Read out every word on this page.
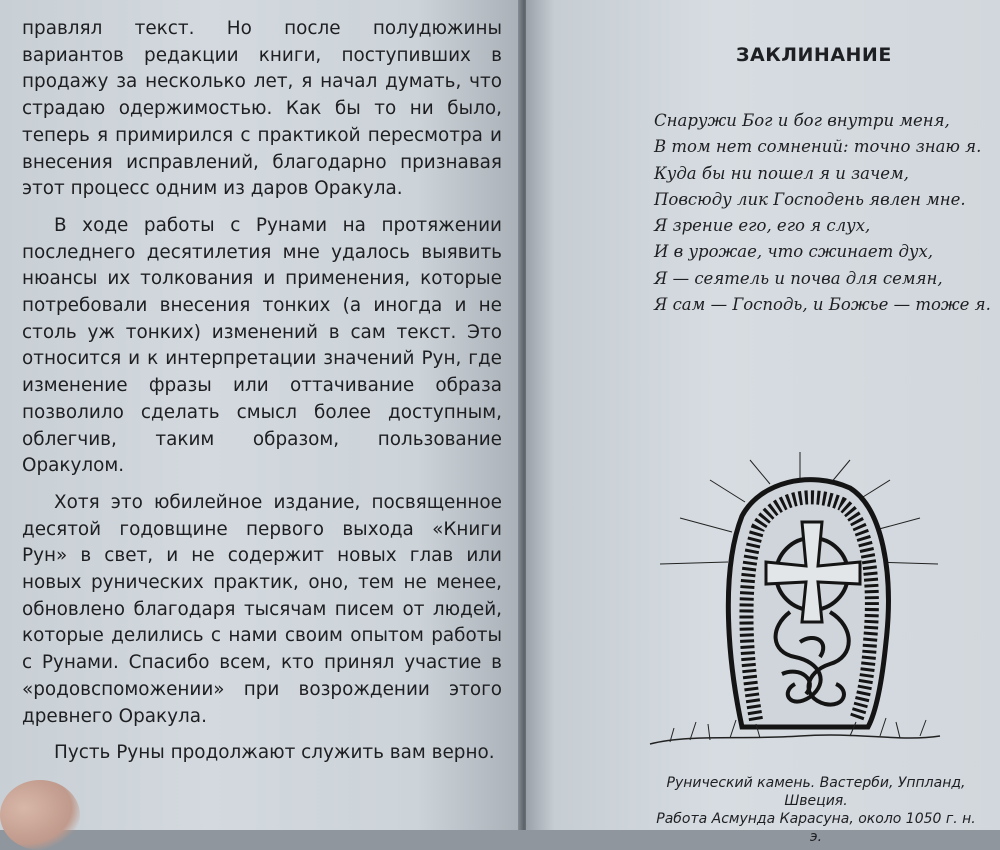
правлял текст. Но после полудюжины вариантов редакции книги, поступивших в продажу за несколько лет, я начал думать, что страдаю одержимостью. Как бы то ни было, теперь я примирился с практикой пересмотра и внесения исправлений, благодарно признавая этот процесс одним из даров Оракула.

В ходе работы с Рунами на протяжении последнего десятилетия мне удалось выявить нюансы их толкования и применения, которые потребовали внесения тонких (а иногда и не столь уж тонких) изменений в сам текст. Это относится и к интерпретации значений Рун, где изменение фразы или оттачивание образа позволило сделать смысл более доступным, облегчив, таким образом, пользование Оракулом.

Хотя это юбилейное издание, посвященное десятой годовщине первого выхода «Книги Рун» в свет, и не содержит новых глав или новых рунических практик, оно, тем не менее, обновлено благодаря тысячам писем от людей, которые делились с нами своим опытом работы с Рунами. Спасибо всем, кто принял участие в «родовспоможении» при возрождении этого древнего Оракула.

Пусть Руны продолжают служить вам верно.

ЗАКЛИНАНИЕ
Снаружи Бог и бог внутри меня,
В том нет сомнений: точно знаю я.
Куда бы ни пошел я и зачем,
Повсюду лик Господень явлен мне.
Я зрение его, его я слух,
И в урожае, что сжинает дух,
Я — сеятель и почва для семян,
Я сам — Господь, и Божье — тоже я.
Рунический камень. Вастерби, Уппланд, Швеция.
Работа Асмунда Карасуна, около 1050 г. н. э.
